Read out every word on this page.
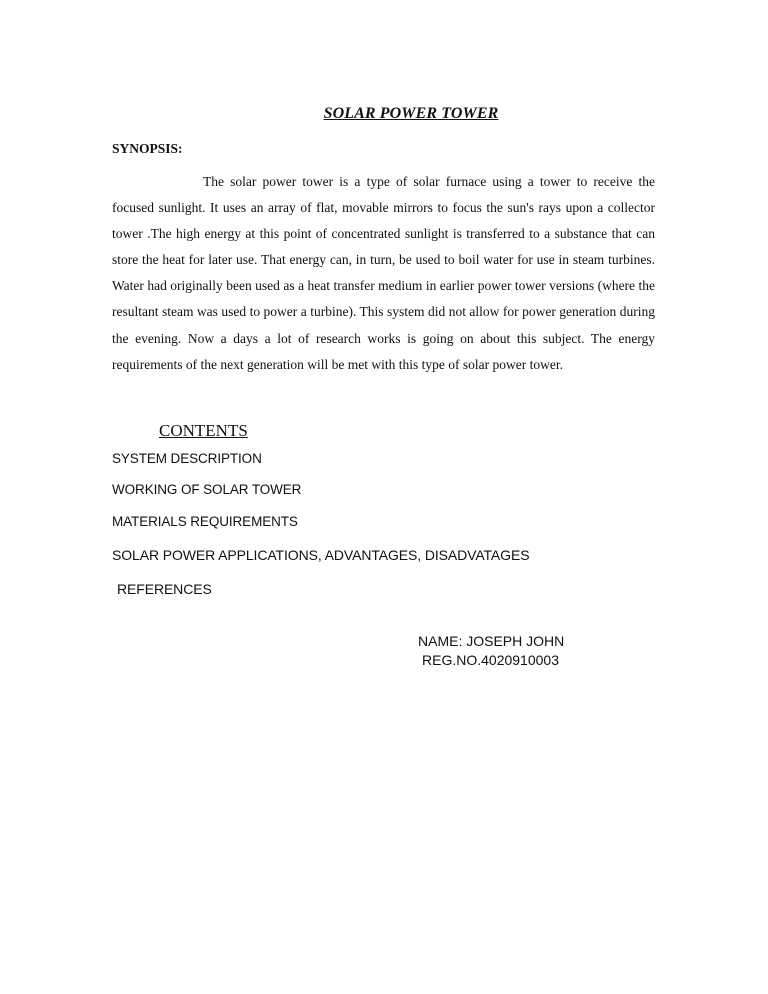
SOLAR POWER TOWER
SYNOPSIS:

The solar power tower is a type of solar furnace using a tower to receive the focused sunlight. It uses an array of flat, movable mirrors to focus the sun's rays upon a collector tower .The high energy at this point of concentrated sunlight is transferred to a substance that can store the heat for later use. That energy can, in turn, be used to boil water for use in steam turbines. Water had originally been used as a heat transfer medium in earlier power tower versions (where the resultant steam was used to power a turbine). This system did not allow for power generation during the evening. Now a days a lot of research works is going on about this subject. The energy requirements of the next generation will be met with this type of solar power tower.

CONTENTS
SYSTEM DESCRIPTION
WORKING OF SOLAR TOWER
MATERIALS REQUIREMENTS
SOLAR POWER APPLICATIONS, ADVANTAGES, DISADVATAGES
REFERENCES
NAME: JOSEPH JOHN
REG.NO.4020910003
